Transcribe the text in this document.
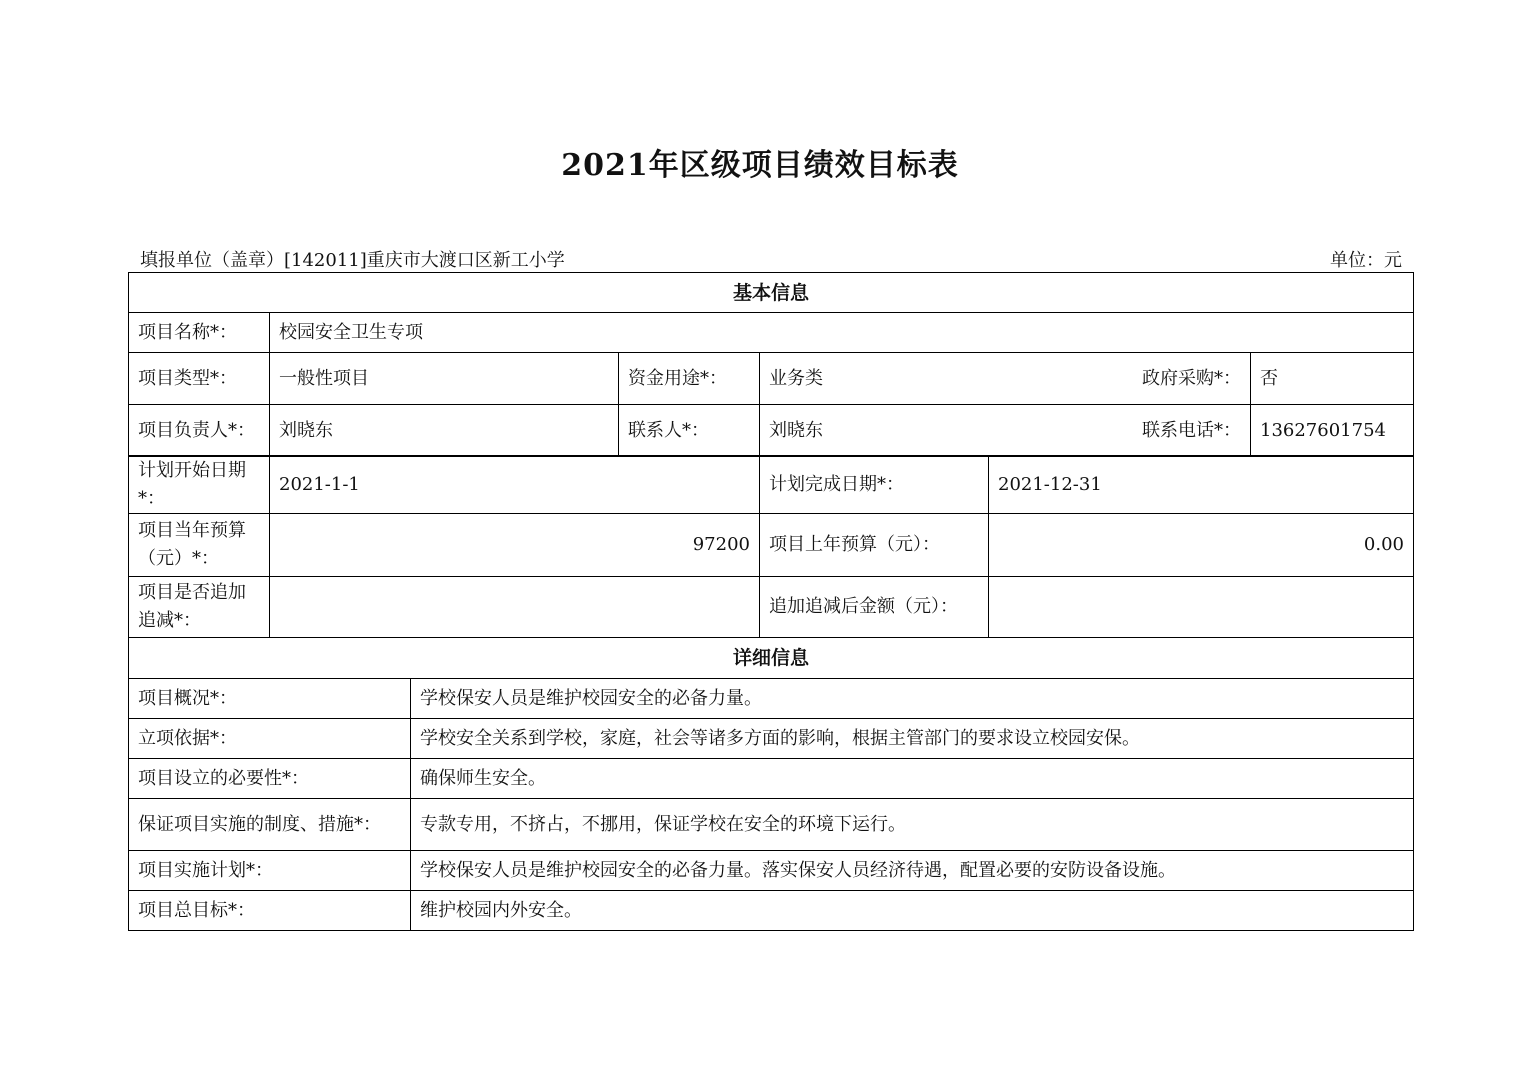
2021年区级项目绩效目标表
填报单位（盖章）[142011]重庆市大渡口区新工小学	单位：元
基本信息				
项目名称*：	校园安全卫生专项			
项目类型*：	一般性项目	资金用途*：	业务类 政府采购*：	否
项目负责人*：	刘晓东	联系人*：	刘晓东 联系电话*：	13627601754
计划开始日期*：	2021-1-1	计划完成日期*：	2021-12-31
项目当年预算（元）*：	97200	项目上年预算（元）：	0.00
项目是否追加追减*：		追加追减后金额（元）：	
详细信息	
项目概况*：	学校保安人员是维护校园安全的必备力量。
立项依据*：	学校安全关系到学校，家庭，社会等诸多方面的影响，根据主管部门的要求设立校园安保。
项目设立的必要性*：	确保师生安全。
保证项目实施的制度、措施*：	专款专用，不挤占，不挪用，保证学校在安全的环境下运行。
项目实施计划*：	学校保安人员是维护校园安全的必备力量。落实保安人员经济待遇，配置必要的安防设备设施。
项目总目标*：	维护校园内外安全。
